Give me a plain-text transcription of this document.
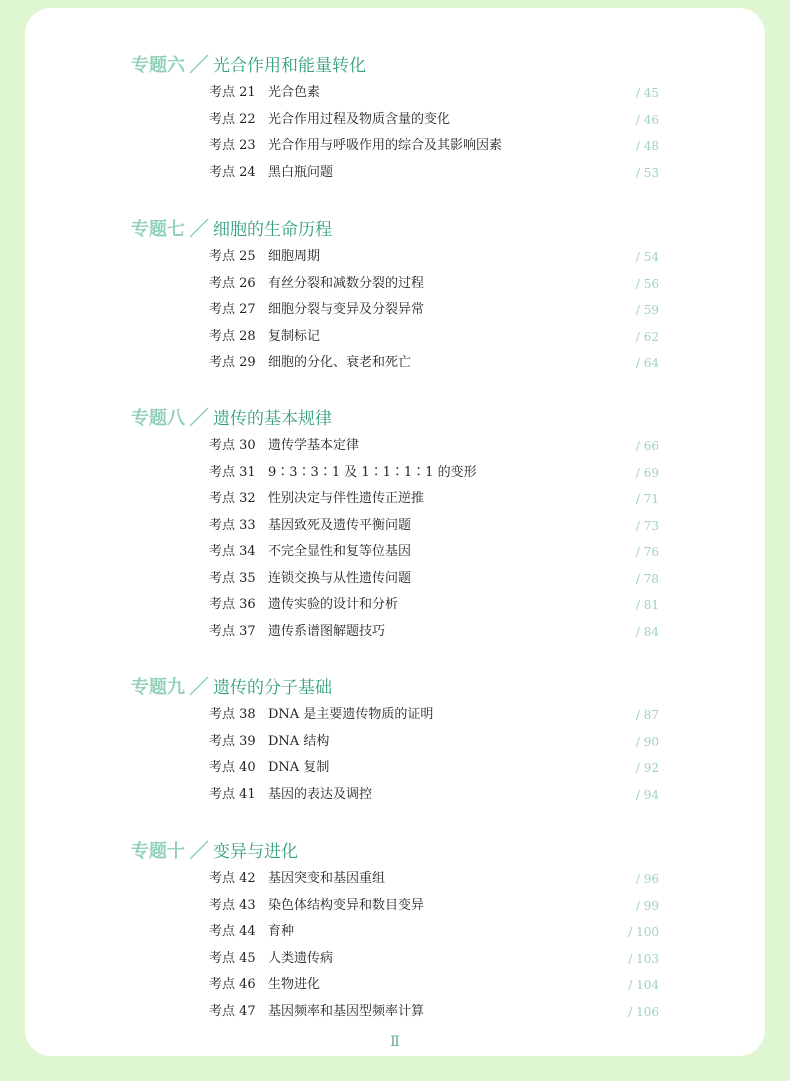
专题六 光合作用和能量转化
考点 21 光合色素	/ 45
考点 22 光合作用过程及物质含量的变化	/ 46
考点 23 光合作用与呼吸作用的综合及其影响因素	/ 48
考点 24 黑白瓶问题	/ 53
专题七 细胞的生命历程
考点 25 细胞周期	/ 54
考点 26 有丝分裂和减数分裂的过程	/ 56
考点 27 细胞分裂与变异及分裂异常	/ 59
考点 28 复制标记	/ 62
考点 29 细胞的分化、衰老和死亡	/ 64
专题八 遗传的基本规律
考点 30 遗传学基本定律	/ 66
考点 31 9∶3∶3∶1 及 1∶1∶1∶1 的变形	/ 69
考点 32 性别决定与伴性遗传正逆推	/ 71
考点 33 基因致死及遗传平衡问题	/ 73
考点 34 不完全显性和复等位基因	/ 76
考点 35 连锁交换与从性遗传问题	/ 78
考点 36 遗传实验的设计和分析	/ 81
考点 37 遗传系谱图解题技巧	/ 84
专题九 遗传的分子基础
考点 38 DNA 是主要遗传物质的证明	/ 87
考点 39 DNA 结构	/ 90
考点 40 DNA 复制	/ 92
考点 41 基因的表达及调控	/ 94
专题十 变异与进化
考点 42 基因突变和基因重组	/ 96
考点 43 染色体结构变异和数目变异	/ 99
考点 44 育种	/ 100
考点 45 人类遗传病	/ 103
考点 46 生物进化	/ 104
考点 47 基因频率和基因型频率计算	/ 106
Ⅱ
